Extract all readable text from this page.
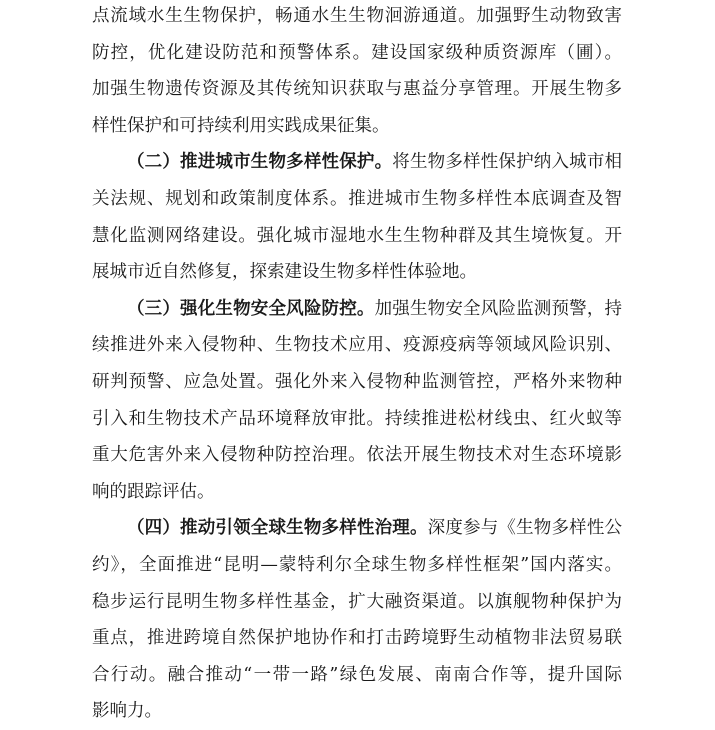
点流域水生生物保护，畅通水生生物洄游通道。加强野生动物致害
防控，优化建设防范和预警体系。建设国家级种质资源库（圃）。
加强生物遗传资源及其传统知识获取与惠益分享管理。开展生物多
样性保护和可持续利用实践成果征集。
（二）推进城市生物多样性保护。将生物多样性保护纳入城市相
关法规、规划和政策制度体系。推进城市生物多样性本底调查及智
慧化监测网络建设。强化城市湿地水生生物种群及其生境恢复。开
展城市近自然修复，探索建设生物多样性体验地。
（三）强化生物安全风险防控。加强生物安全风险监测预警，持
续推进外来入侵物种、生物技术应用、疫源疫病等领域风险识别、
研判预警、应急处置。强化外来入侵物种监测管控，严格外来物种
引入和生物技术产品环境释放审批。持续推进松材线虫、红火蚁等
重大危害外来入侵物种防控治理。依法开展生物技术对生态环境影
响的跟踪评估。
（四）推动引领全球生物多样性治理。深度参与《生物多样性公
约》，全面推进“昆明—蒙特利尔全球生物多样性框架”国内落实。
稳步运行昆明生物多样性基金，扩大融资渠道。以旗舰物种保护为
重点，推进跨境自然保护地协作和打击跨境野生动植物非法贸易联
合行动。融合推动“一带一路”绿色发展、南南合作等，提升国际
影响力。
